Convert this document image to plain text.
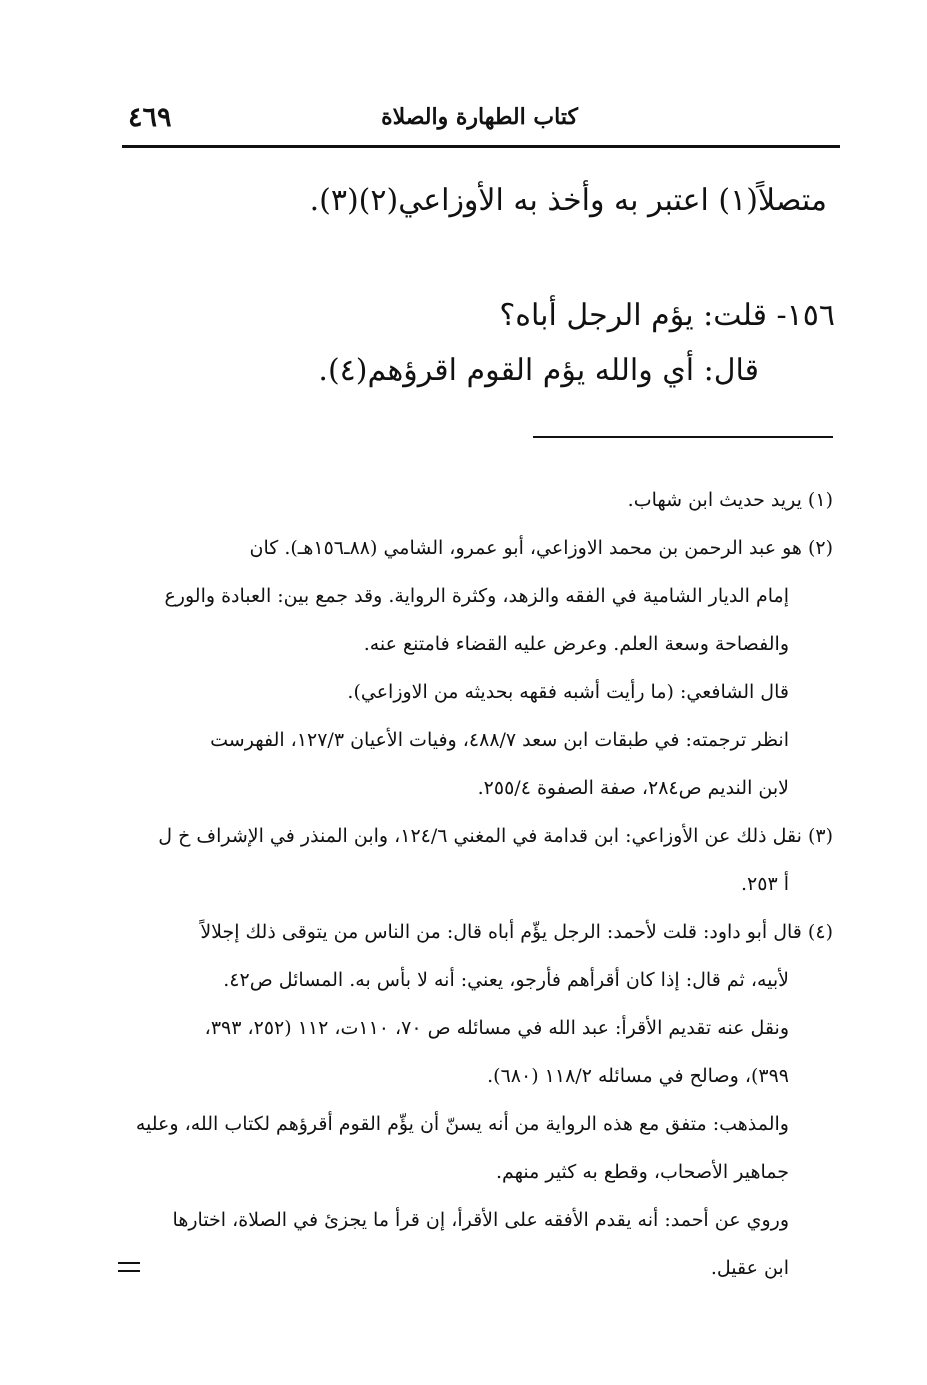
٤٦٩	كتاب الطهارة والصلاة
متصلاً(١) اعتبر به وأخذ به الأوزاعي(٢)(٣).
١٥٦- قلت: يؤم الرجل أباه؟
قال: أي والله يؤم القوم اقرؤهم(٤).
(١) يريد حديث ابن شهاب.
(٢) هو عبد الرحمن بن محمد الاوزاعي، أبو عمرو، الشامي (٨٨ـ١٥٦هـ). كان
إمام الديار الشامية في الفقه والزهد، وكثرة الرواية. وقد جمع بين: العبادة والورع
والفصاحة وسعة العلم. وعرض عليه القضاء فامتنع عنه.
قال الشافعي: (ما رأيت أشبه فقهه بحديثه من الاوزاعي).
انظر ترجمته: في طبقات ابن سعد ٤٨٨/٧، وفيات الأعيان ١٢٧/٣، الفهرست
لابن النديم ص٢٨٤، صفة الصفوة ٢٥٥/٤.
(٣) نقل ذلك عن الأوزاعي: ابن قدامة في المغني ١٢٤/٦، وابن المنذر في الإشراف خ ل
أ ٢٥٣.
(٤) قال أبو داود: قلت لأحمد: الرجل يؤّم أباه قال: من الناس من يتوقى ذلك إجلالاً
لأبيه، ثم قال: إذا كان أقرأهم فأرجو، يعني: أنه لا بأس به. المسائل ص٤٢.
ونقل عنه تقديم الأقرأ: عبد الله في مسائله ص ٧٠، ١١٠ت، ١١٢ (٢٥٢، ٣٩٣،
٣٩٩)، وصالح في مسائله ١١٨/٢ (٦٨٠).
والمذهب: متفق مع هذه الرواية من أنه يسنّ أن يؤّم القوم أقرؤهم لكتاب الله، وعليه
جماهير الأصحاب، وقطع به كثير منهم.
وروي عن أحمد: أنه يقدم الأفقه على الأقرأ، إن قرأ ما يجزئ في الصلاة، اختارها
ابن عقيل.
